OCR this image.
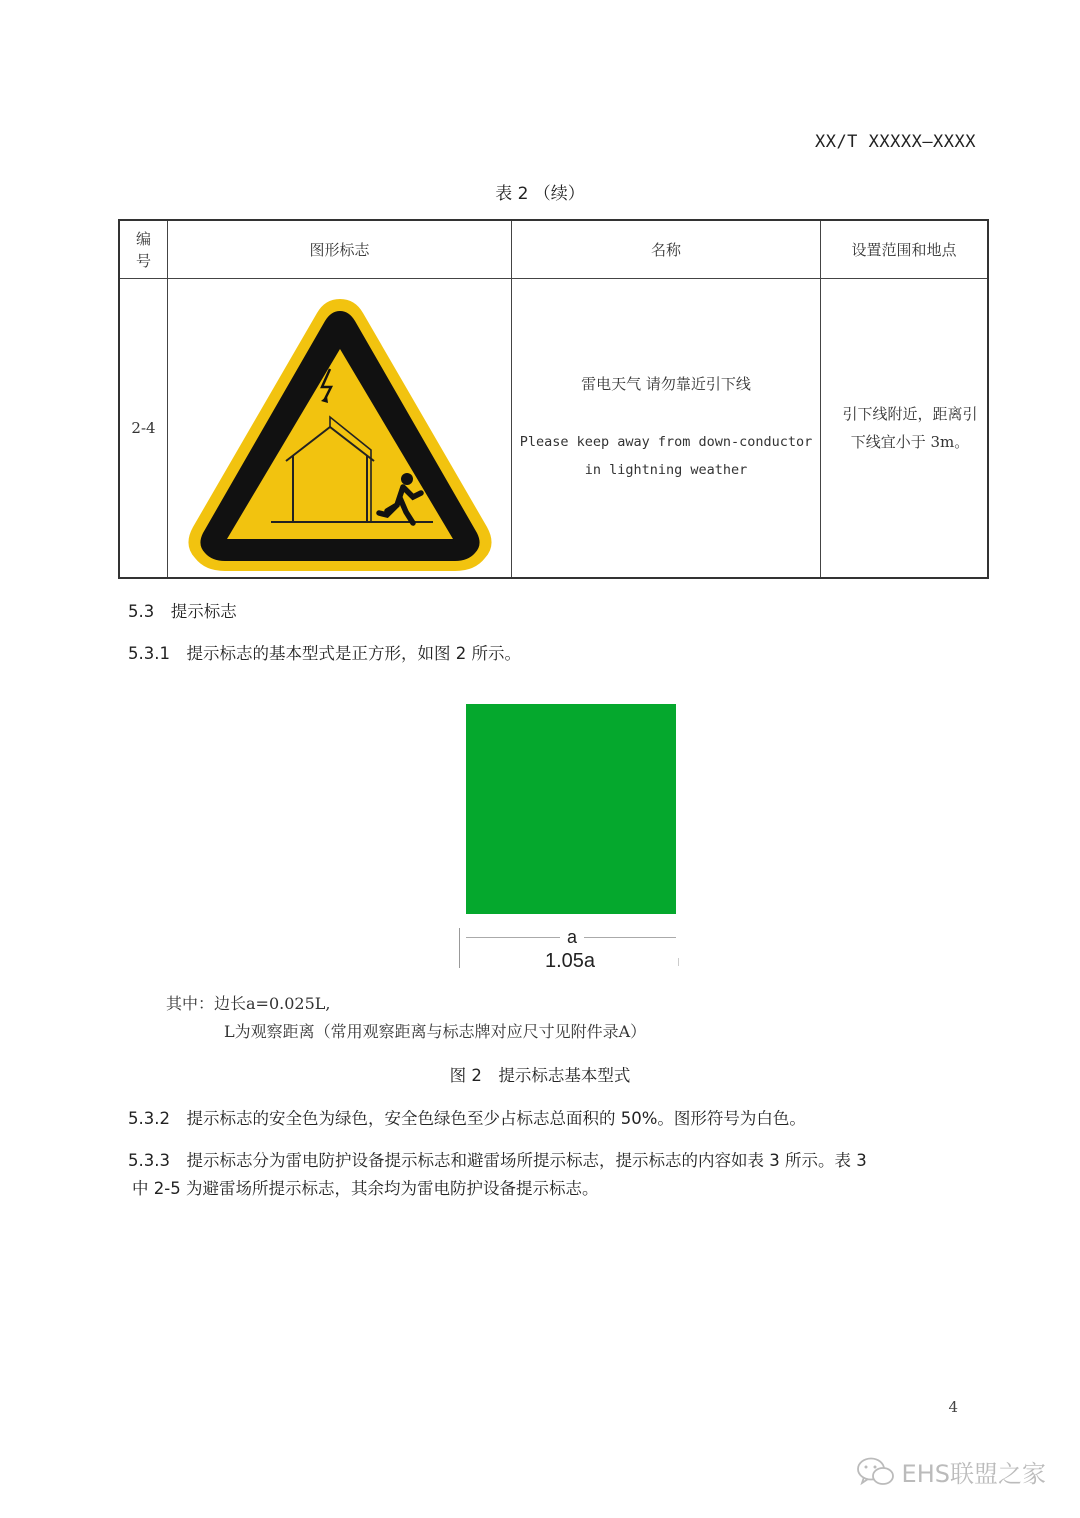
XX/T XXXXX—XXXX
表 2 （续）
编
号
图形标志	名称	设置范围和地点
2-4
雷电天气 请勿靠近引下线
Please keep away from down-conductor
in lightning weather
引下线附近，距离引
下线宜小于 3m。
5.3　提示标志
5.3.1　提示标志的基本型式是正方形，如图 2 所示。
a
1.05a
其中：边长a=0.025L,
L为观察距离（常用观察距离与标志牌对应尺寸见附件录A）
图 2　提示标志基本型式
5.3.2　提示标志的安全色为绿色，安全色绿色至少占标志总面积的 50%。图形符号为白色。
5.3.3　提示标志分为雷电防护设备提示标志和避雷场所提示标志，提示标志的内容如表 3 所示。表 3
中 2-5 为避雷场所提示标志，其余均为雷电防护设备提示标志。
4
EHS联盟之家
